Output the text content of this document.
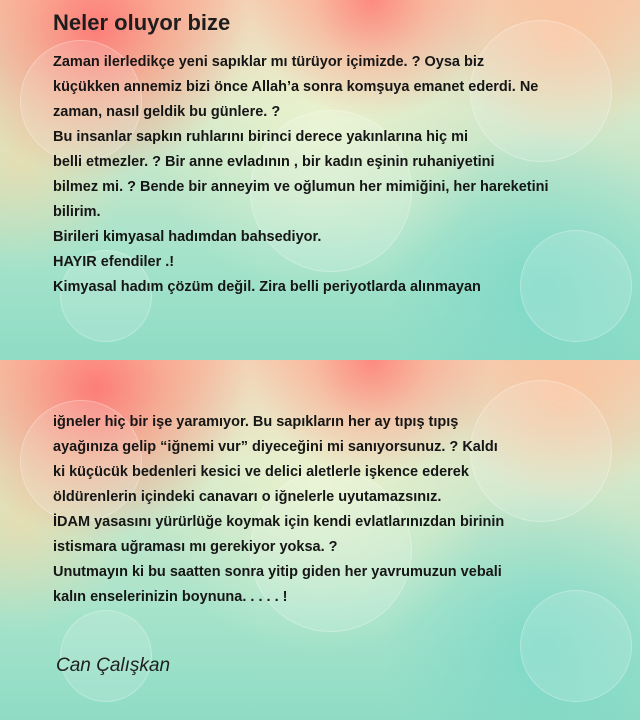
Neler oluyor bize
Zaman ilerledikçe yeni sapıklar mı türüyor içimizde. ? Oysa biz
küçükken annemiz bizi önce Allah’a sonra komşuya emanet ederdi. Ne
zaman, nasıl geldik bu günlere. ?
Bu insanlar sapkın ruhlarını birinci derece yakınlarına hiç mi
belli etmezler. ? Bir anne evladının , bir kadın eşinin ruhaniyetini
bilmez mi. ? Bende bir anneyim ve oğlumun her mimiğini, her hareketini
bilirim.
Birileri kimyasal hadımdan bahsediyor.
HAYIR efendiler .!
Kimyasal hadım çözüm değil. Zira belli periyotlarda alınmayan
iğneler hiç bir işe yaramıyor. Bu sapıkların her ay tıpış tıpış
ayağınıza gelip “iğnemi vur” diyeceğini mi sanıyorsunuz. ? Kaldı
ki küçücük bedenleri kesici ve delici aletlerle işkence ederek
öldürenlerin içindeki canavarı o iğnelerle uyutamazsınız.
İDAM yasasını yürürlüğe koymak için kendi evlatlarınızdan birinin
istismara uğraması mı gerekiyor yoksa. ?
Unutmayın ki bu saatten sonra yitip giden her yavrumuzun vebali
kalın enselerinizin boynuna. . . . . !

Can Çalışkan
